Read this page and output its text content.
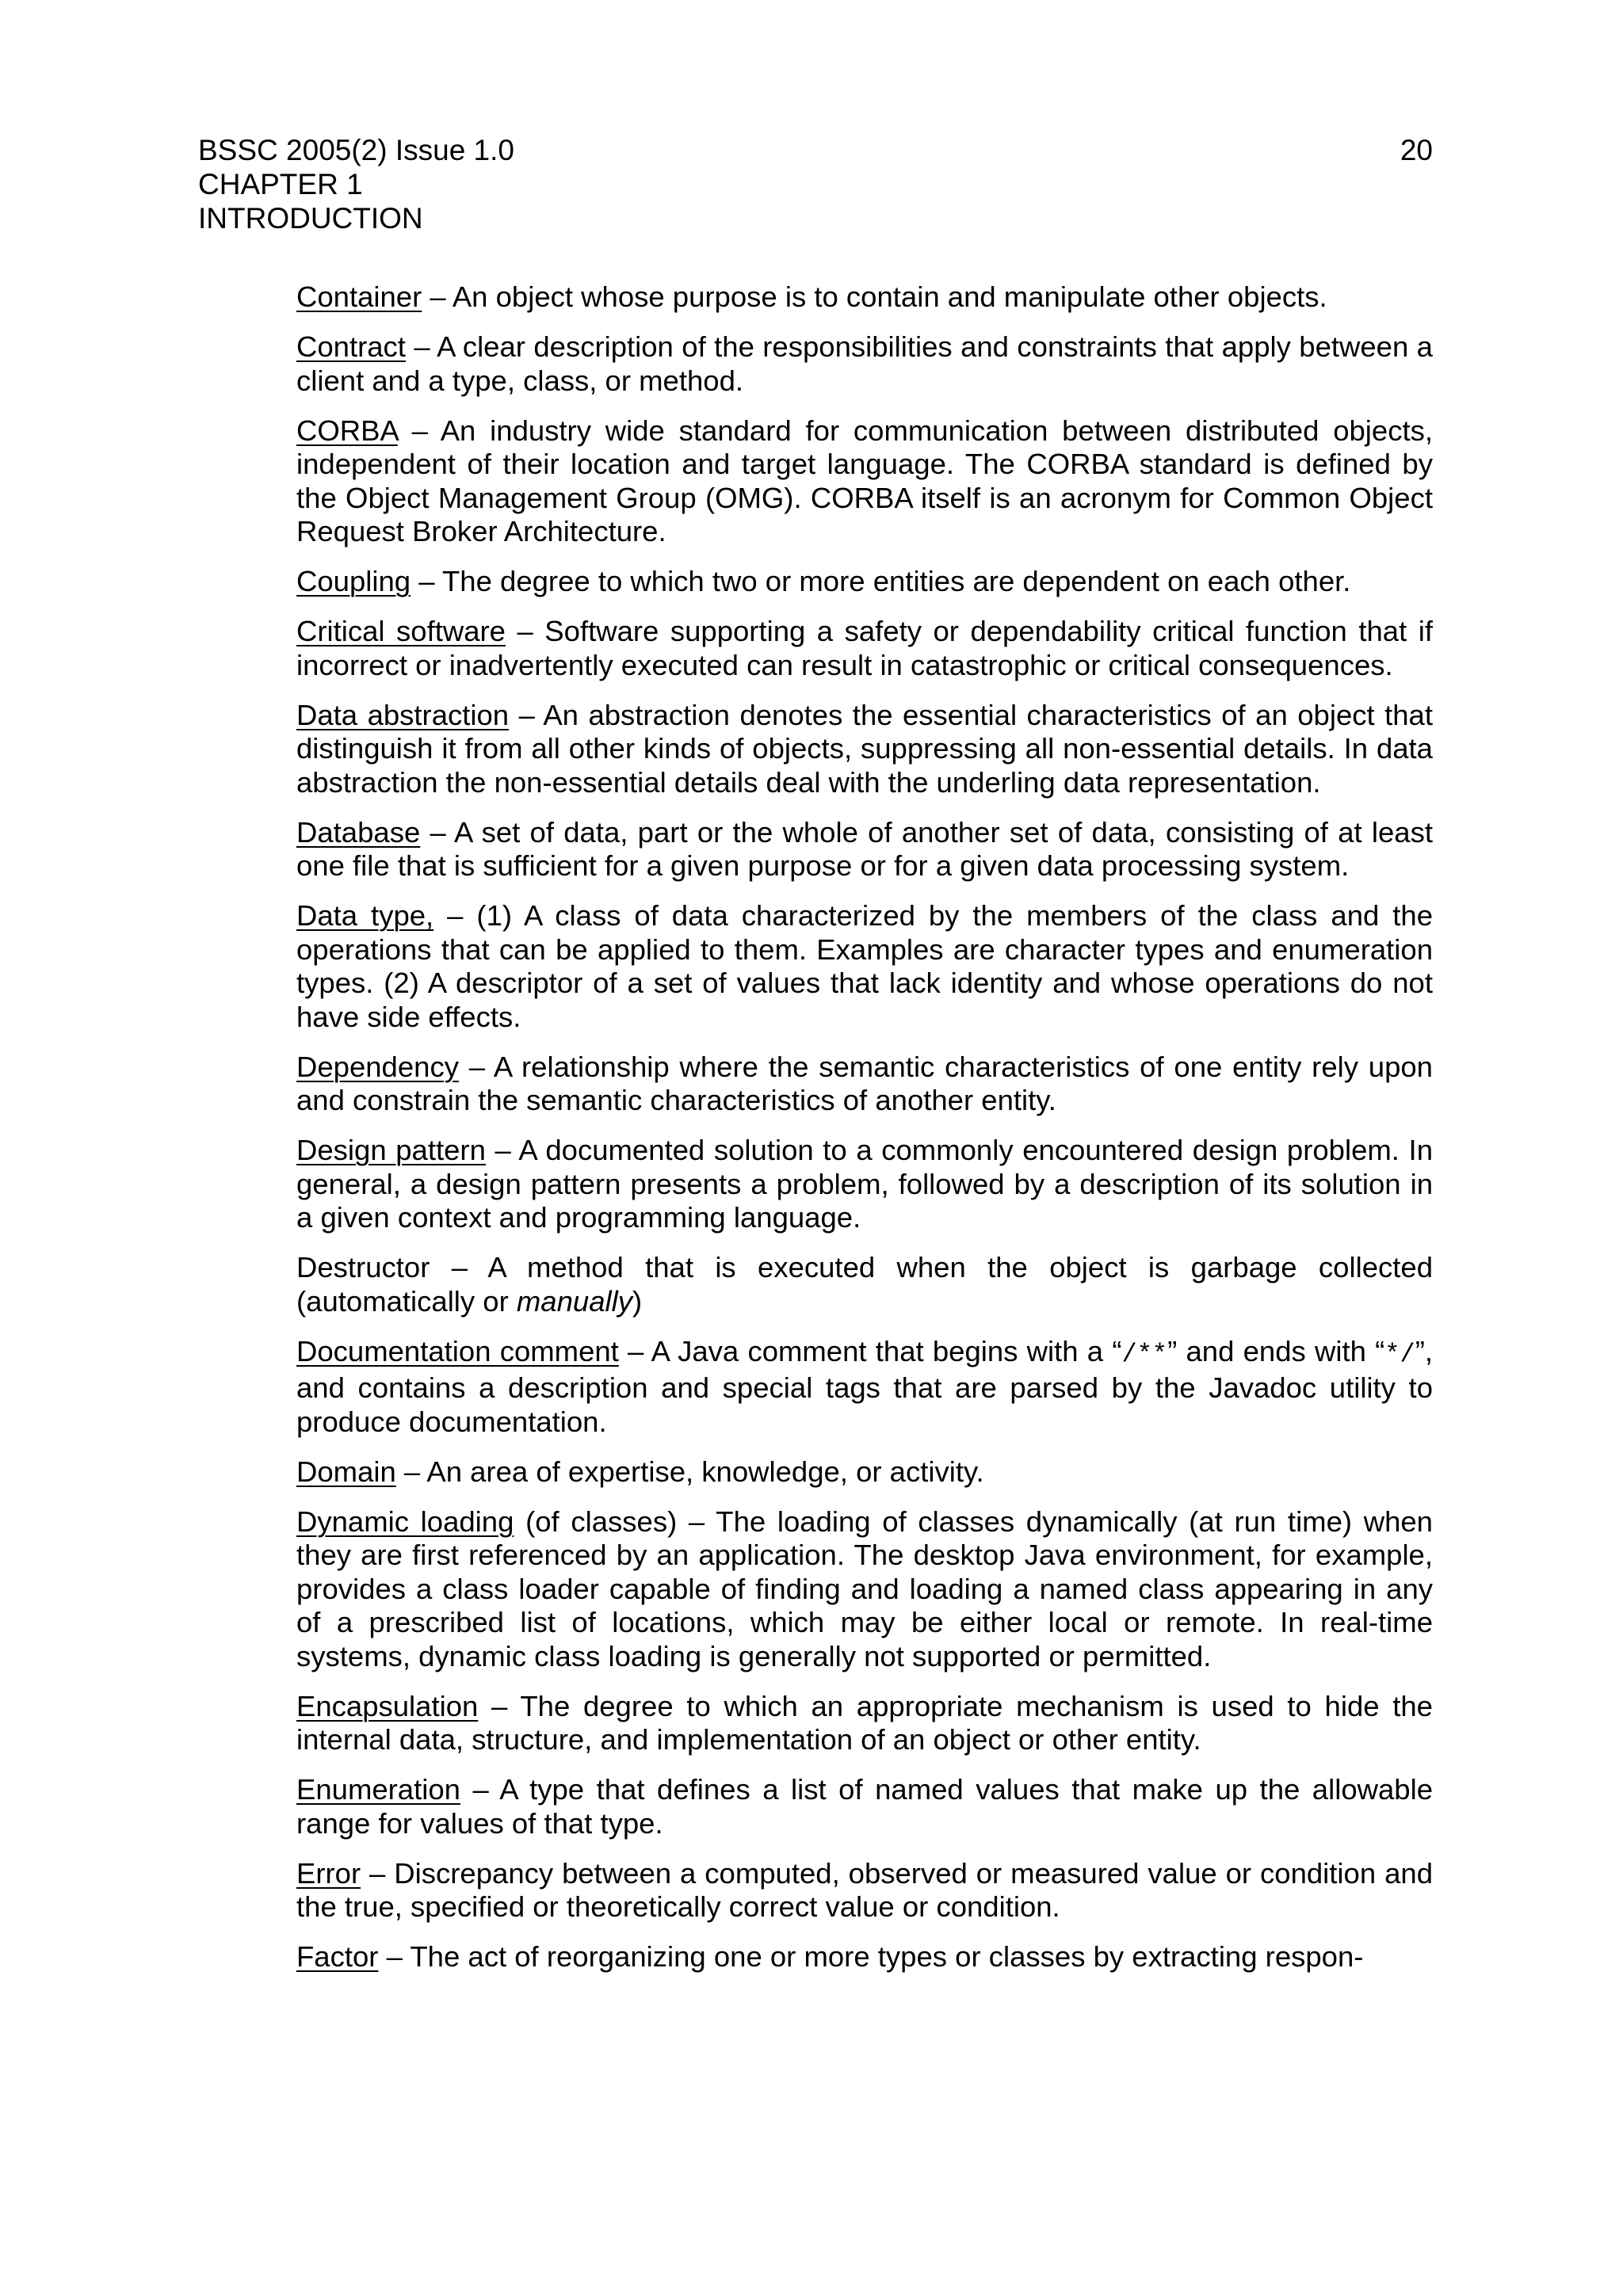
BSSC 2005(2) Issue 1.0
CHAPTER 1
INTRODUCTION
20

Container – An object whose purpose is to contain and manipulate other objects.

Contract – A clear description of the responsibilities and constraints that apply between a client and a type, class, or method.

CORBA – An industry wide standard for communication between distributed objects, independent of their location and target language. The CORBA standard is defined by the Object Management Group (OMG). CORBA itself is an acronym for Common Object Request Broker Architecture.

Coupling – The degree to which two or more entities are dependent on each other.

Critical software – Software supporting a safety or dependability critical function that if incorrect or inadvertently executed can result in catastrophic or critical consequences.

Data abstraction – An abstraction denotes the essential characteristics of an object that distinguish it from all other kinds of objects, suppressing all non-essential details. In data abstraction the non-essential details deal with the underling data representation.

Database – A set of data, part or the whole of another set of data, consisting of at least one file that is sufficient for a given purpose or for a given data processing system.

Data type, – (1) A class of data characterized by the members of the class and the operations that can be applied to them. Examples are character types and enumeration types. (2) A descriptor of a set of values that lack identity and whose operations do not have side effects.

Dependency – A relationship where the semantic characteristics of one entity rely upon and constrain the semantic characteristics of another entity.

Design pattern – A documented solution to a commonly encountered design problem. In general, a design pattern presents a problem, followed by a description of its solution in a given context and programming language.

Destructor – A method that is executed when the object is garbage collected (automatically or manually)

Documentation comment – A Java comment that begins with a “/**” and ends with “*/”, and contains a description and special tags that are parsed by the Javadoc utility to produce documentation.

Domain – An area of expertise, knowledge, or activity.

Dynamic loading (of classes) – The loading of classes dynamically (at run time) when they are first referenced by an application. The desktop Java environment, for example, provides a class loader capable of finding and loading a named class appearing in any of a prescribed list of locations, which may be either local or remote. In real-time systems, dynamic class loading is generally not supported or permitted.

Encapsulation – The degree to which an appropriate mechanism is used to hide the internal data, structure, and implementation of an object or other entity.

Enumeration – A type that defines a list of named values that make up the allowable range for values of that type.

Error – Discrepancy between a computed, observed or measured value or condition and the true, specified or theoretically correct value or condition.

Factor – The act of reorganizing one or more types or classes by extracting respon-
